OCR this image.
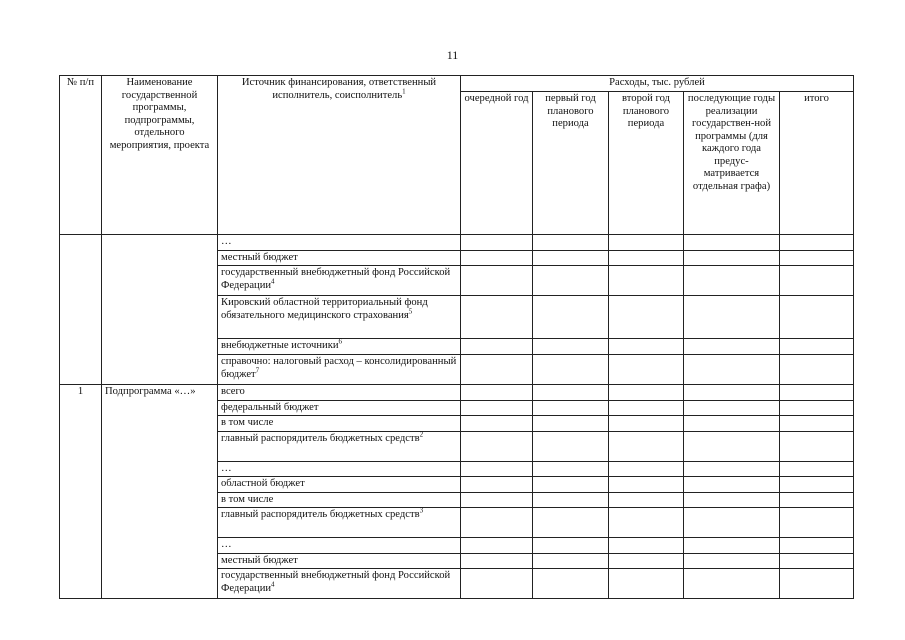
11
№ п/п	Наименование государственной программы, подпрограммы, отдельного мероприятия, проекта	Источник финансирования, ответственный исполнитель, соисполнитель$^1$	Расходы, тыс. рублей				
			очередной год	первый год планового периода	второй год планового периода	последующие годы реализации государствен-ной программы (для каждого года предус-матривается отдельная графа)	итого
		…					
		местный бюджет					
		государственный внебюджетный фонд Российской Федерации$^4$					
		Кировский областной территориальный фонд обязательного медицинского страхования$^5$					
		внебюджетные источники$^6$					
		справочно: налоговый расход – консолидированный бюджет$^7$					
1	Подпрограмма «…»	всего					
		федеральный бюджет					
		в том числе					
		главный распорядитель бюджетных средств$^2$					
		…					
		областной бюджет					
		в том числе					
		главный распорядитель бюджетных средств$^3$					
		…					
		местный бюджет					
		государственный внебюджетный фонд Российской Федерации$^4$					
